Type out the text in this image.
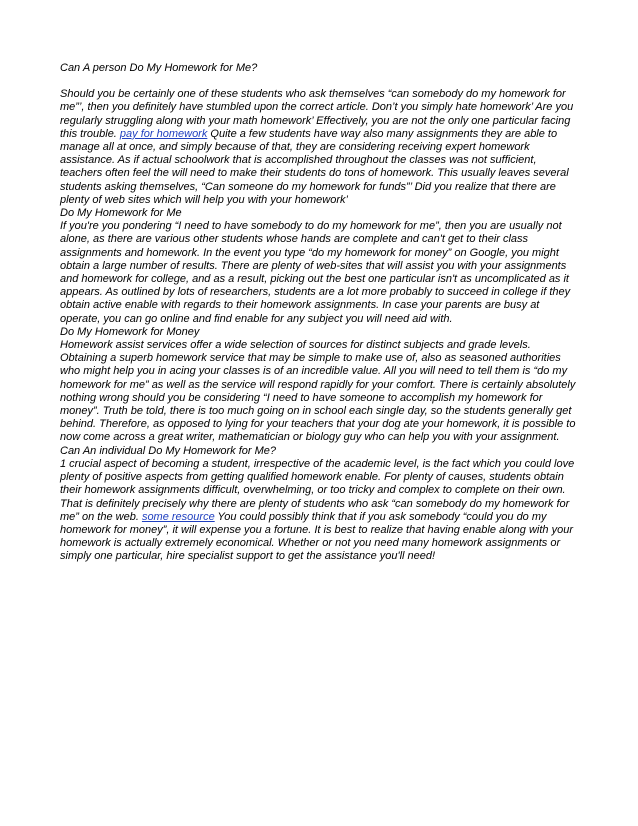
Can A person Do My Homework for Me?

Should you be certainly one of these students who ask themselves “can somebody do my homework for me”’, then you definitely have stumbled upon the correct article. Don’t you simply hate homework’ Are you regularly struggling along with your math homework’ Effectively, you are not the only one particular facing this trouble. pay for homework Quite a few students have way also many assignments they are able to manage all at once, and simply because of that, they are considering receiving expert homework assistance. As if actual schoolwork that is accomplished throughout the classes was not sufficient, teachers often feel the will need to make their students do tons of homework. This usually leaves several students asking themselves, “Can someone do my homework for funds”’ Did you realize that there are plenty of web sites which will help you with your homework’

Do My Homework for Me

If you're you pondering “I need to have somebody to do my homework for me”, then you are usually not alone, as there are various other students whose hands are complete and can't get to their class assignments and homework. In the event you type “do my homework for money” on Google, you might obtain a large number of results. There are plenty of web-sites that will assist you with your assignments and homework for college, and as a result, picking out the best one particular isn't as uncomplicated as it appears. As outlined by lots of researchers, students are a lot more probably to succeed in college if they obtain active enable with regards to their homework assignments. In case your parents are busy at operate, you can go online and find enable for any subject you will need aid with.

Do My Homework for Money

Homework assist services offer a wide selection of sources for distinct subjects and grade levels. Obtaining a superb homework service that may be simple to make use of, also as seasoned authorities who might help you in acing your classes is of an incredible value. All you will need to tell them is “do my homework for me” as well as the service will respond rapidly for your comfort. There is certainly absolutely nothing wrong should you be considering “I need to have someone to accomplish my homework for money”. Truth be told, there is too much going on in school each single day, so the students generally get behind. Therefore, as opposed to lying for your teachers that your dog ate your homework, it is possible to now come across a great writer, mathematician or biology guy who can help you with your assignment.

Can An individual Do My Homework for Me?

1 crucial aspect of becoming a student, irrespective of the academic level, is the fact which you could love plenty of positive aspects from getting qualified homework enable. For plenty of causes, students obtain their homework assignments difficult, overwhelming, or too tricky and complex to complete on their own. That is definitely precisely why there are plenty of students who ask “can somebody do my homework for me” on the web. some resource You could possibly think that if you ask somebody “could you do my homework for money”, it will expense you a fortune. It is best to realize that having enable along with your homework is actually extremely economical. Whether or not you need many homework assignments or simply one particular, hire specialist support to get the assistance you'll need!
